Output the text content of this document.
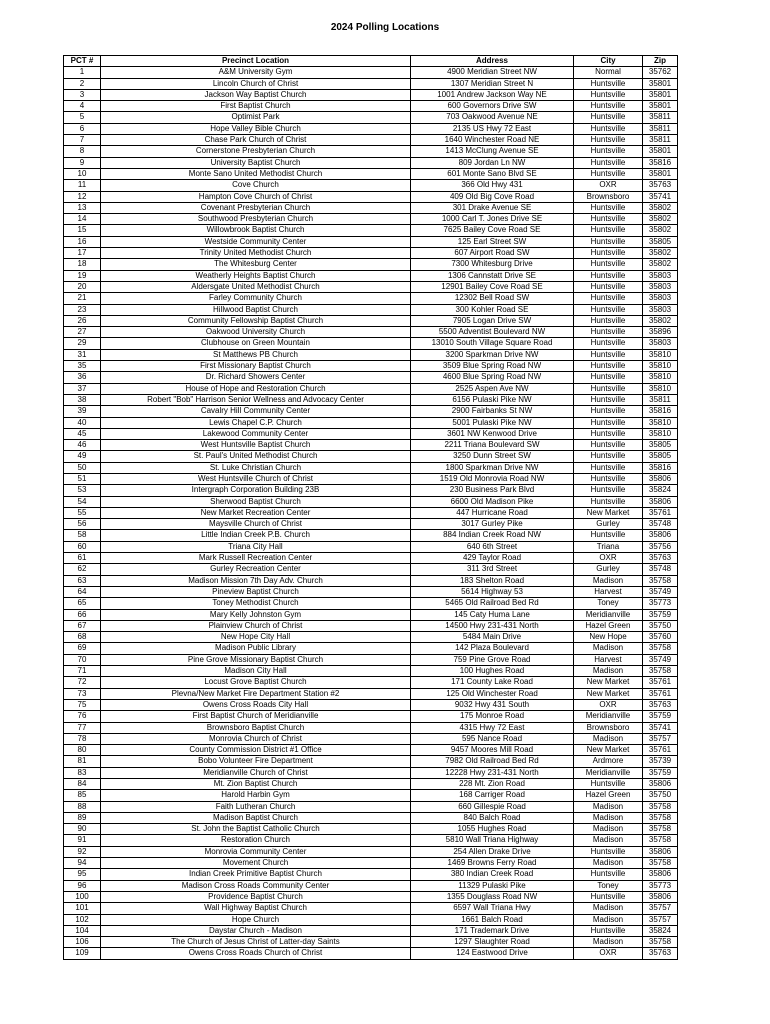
2024 Polling Locations
PCT #	Precinct Location	Address	City	Zip
1	A&M University Gym	4900 Meridian Street NW	Normal	35762
2	Lincoln Church of Christ	1307 Meridian Street N	Huntsville	35801
3	Jackson Way Baptist Church	1001 Andrew Jackson Way NE	Huntsville	35801
4	First Baptist Church	600 Governors Drive SW	Huntsville	35801
5	Optimist Park	703 Oakwood Avenue NE	Huntsville	35811
6	Hope Valley Bible Church	2135 US Hwy 72 East	Huntsville	35811
7	Chase Park Church of Christ	1640 Winchester Road NE	Huntsville	35811
8	Cornerstone Presbyterian Church	1413 McClung Avenue SE	Huntsville	35801
9	University Baptist Church	809 Jordan Ln NW	Huntsville	35816
10	Monte Sano United Methodist Church	601 Monte Sano Blvd SE	Huntsville	35801
11	Cove Church	366 Old Hwy 431	OXR	35763
12	Hampton Cove Church of Christ	409 Old Big Cove Road	Brownsboro	35741
13	Covenant Presbyterian Church	301 Drake Avenue SE	Huntsville	35802
14	Southwood Presbyterian Church	1000 Carl T. Jones Drive SE	Huntsville	35802
15	Willowbrook Baptist Church	7625 Bailey Cove Road SE	Huntsville	35802
16	Westside Community Center	125 Earl Street SW	Huntsville	35805
17	Trinity United Methodist Church	607 Airport Road SW	Huntsville	35802
18	The Whitesburg Center	7300 Whitesburg Drive	Huntsville	35802
19	Weatherly Heights Baptist Church	1306 Cannstatt Drive SE	Huntsville	35803
20	Aldersgate United Methodist Church	12901 Bailey Cove Road SE	Huntsville	35803
21	Farley Community Church	12302 Bell Road SW	Huntsville	35803
23	Hillwood Baptist Church	300 Kohler Road SE	Huntsville	35803
26	Community Fellowship Baptist Church	7905 Logan Drive SW	Huntsville	35802
27	Oakwood University Church	5500 Adventist Boulevard NW	Huntsville	35896
29	Clubhouse on Green Mountain	13010 South Village Square Road	Huntsville	35803
31	St Matthews PB Church	3200 Sparkman Drive NW	Huntsville	35810
35	First Missionary Baptist Church	3509 Blue Spring Road NW	Huntsville	35810
36	Dr. Richard Showers Center	4600 Blue Spring Road NW	Huntsville	35810
37	House of Hope and Restoration Church	2525 Aspen Ave NW	Huntsville	35810
38	Robert "Bob" Harrison Senior Wellness and Advocacy Center	6156 Pulaski Pike NW	Huntsville	35811
39	Cavalry Hill Community Center	2900 Fairbanks St NW	Huntsville	35816
40	Lewis Chapel C.P. Church	5001 Pulaski Pike NW	Huntsville	35810
45	Lakewood Community Center	3601 NW Kenwood Drive	Huntsville	35810
46	West Huntsville Baptist Church	2211 Triana Boulevard SW	Huntsville	35805
49	St. Paul's United Methodist Church	3250 Dunn Street SW	Huntsville	35805
50	St. Luke Christian Church	1800 Sparkman Drive NW	Huntsville	35816
51	West Huntsville Church of Christ	1519 Old Monrovia Road NW	Huntsville	35806
53	Intergraph Corporation Building 23B	230 Business Park Blvd	Huntsville	35824
54	Sherwood Baptist Church	6600 Old Madison Pike	Huntsville	35806
55	New Market Recreation Center	447 Hurricane Road	New Market	35761
56	Maysville Church of Christ	3017 Gurley Pike	Gurley	35748
58	Little Indian Creek P.B. Church	884 Indian Creek Road NW	Huntsville	35806
60	Triana City Hall	640 6th Street	Triana	35756
61	Mark Russell Recreation Center	429 Taylor Road	OXR	35763
62	Gurley Recreation Center	311 3rd Street	Gurley	35748
63	Madison Mission 7th Day Adv. Church	183 Shelton Road	Madison	35758
64	Pineview Baptist Church	5614 Highway 53	Harvest	35749
65	Toney Methodist Church	5465 Old Railroad Bed Rd	Toney	35773
66	Mary Kelly Johnston Gym	145 Caty Huma Lane	Meridianville	35759
67	Plainview Church of Christ	14500 Hwy 231-431 North	Hazel Green	35750
68	New Hope City Hall	5484 Main Drive	New Hope	35760
69	Madison Public Library	142 Plaza Boulevard	Madison	35758
70	Pine Grove Missionary Baptist Church	759 Pine Grove Road	Harvest	35749
71	Madison City Hall	100 Hughes Road	Madison	35758
72	Locust Grove Baptist Church	171 County Lake Road	New Market	35761
73	Plevna/New Market Fire Department Station #2	125 Old Winchester Road	New Market	35761
75	Owens Cross Roads City Hall	9032 Hwy 431 South	OXR	35763
76	First Baptist Church of Meridianville	175 Monroe Road	Meridianville	35759
77	Brownsboro Baptist Church	4315 Hwy 72 East	Brownsboro	35741
78	Monrovia Church of Christ	595 Nance Road	Madison	35757
80	County Commission District #1 Office	9457 Moores Mill Road	New Market	35761
81	Bobo Volunteer Fire Department	7982 Old Railroad Bed Rd	Ardmore	35739
83	Meridianville Church of Christ	12228 Hwy 231-431 North	Meridianville	35759
84	Mt. Zion Baptist Church	228 Mt. Zion Road	Huntsville	35806
85	Harold Harbin Gym	168 Carriger Road	Hazel Green	35750
88	Faith Lutheran Church	660 Gillespie Road	Madison	35758
89	Madison Baptist Church	840 Balch Road	Madison	35758
90	St. John the Baptist Catholic Church	1055 Hughes Road	Madison	35758
91	Restoration Church	5810 Wall Triana Highway	Madison	35758
92	Monrovia Community Center	254 Allen Drake Drive	Huntsville	35806
94	Movement Church	1469 Browns Ferry Road	Madison	35758
95	Indian Creek Primitive Baptist Church	380 Indian Creek Road	Huntsville	35806
96	Madison Cross Roads Community Center	11329 Pulaski Pike	Toney	35773
100	Providence Baptist Church	1355 Douglass Road NW	Huntsville	35806
101	Wall Highway Baptist Church	6597 Wall Triana Hwy	Madison	35757
102	Hope Church	1661 Balch Road	Madison	35757
104	Daystar Church - Madison	171 Trademark Drive	Huntsville	35824
106	The Church of Jesus Christ of Latter-day Saints	1297 Slaughter Road	Madison	35758
109	Owens Cross Roads Church of Christ	124 Eastwood Drive	OXR	35763
